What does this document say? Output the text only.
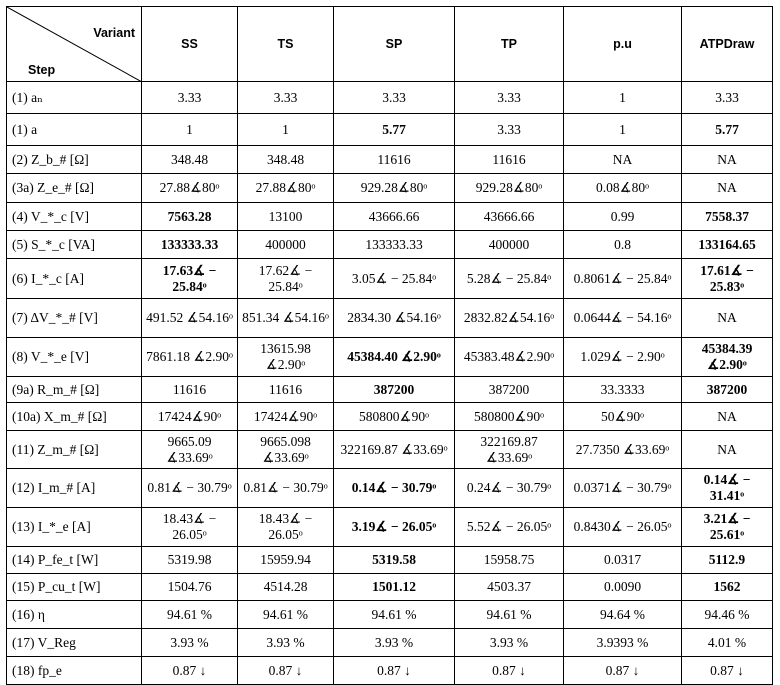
Variant
Step	SS	TS	SP	TP	p.u	ATPDraw
(1) aₙ	3.33	3.33	3.33	3.33	1	3.33
(1) a	1	1	5.77	3.33	1	5.77
(2) Z_b_# [Ω]	348.48	348.48	11616	11616	NA	NA
(3a) Z_e_# [Ω]	27.88∡80ᵒ	27.88∡80ᵒ	929.28∡80ᵒ	929.28∡80ᵒ	0.08∡80ᵒ	NA
(4) V_*_c [V]	7563.28	13100	43666.66	43666.66	0.99	7558.37
(5) S_*_c [VA]	133333.33	400000	133333.33	400000	0.8	133164.65
(6) I_*_c [A]	17.63∡ − 25.84ᵒ	17.62∡ − 25.84ᵒ	3.05∡ − 25.84ᵒ	5.28∡ − 25.84ᵒ	0.8061∡ − 25.84ᵒ	17.61∡ − 25.83ᵒ
(7) ΔV_*_# [V]	491.52 ∡54.16ᵒ	851.34 ∡54.16ᵒ	2834.30 ∡54.16ᵒ	2832.82∡54.16ᵒ	0.0644∡ − 54.16ᵒ	NA
(8) V_*_e [V]	7861.18 ∡2.90ᵒ	13615.98 ∡2.90ᵒ	45384.40 ∡2.90ᵒ	45383.48∡2.90ᵒ	1.029∡ − 2.90ᵒ	45384.39 ∡2.90ᵒ
(9a) R_m_# [Ω]	11616	11616	387200	387200	33.3333	387200
(10a) X_m_# [Ω]	17424∡90ᵒ	17424∡90ᵒ	580800∡90ᵒ	580800∡90ᵒ	50∡90ᵒ	NA
(11) Z_m_# [Ω]	9665.09 ∡33.69ᵒ	9665.098 ∡33.69ᵒ	322169.87 ∡33.69ᵒ	322169.87 ∡33.69ᵒ	27.7350 ∡33.69ᵒ	NA
(12) I_m_# [A]	0.81∡ − 30.79ᵒ	0.81∡ − 30.79ᵒ	0.14∡ − 30.79ᵒ	0.24∡ − 30.79ᵒ	0.0371∡ − 30.79ᵒ	0.14∡ − 31.41ᵒ
(13) I_*_e [A]	18.43∡ − 26.05ᵒ	18.43∡ − 26.05ᵒ	3.19∡ − 26.05ᵒ	5.52∡ − 26.05ᵒ	0.8430∡ − 26.05ᵒ	3.21∡ − 25.61ᵒ
(14) P_fe_t [W]	5319.98	15959.94	5319.58	15958.75	0.0317	5112.9
(15) P_cu_t [W]	1504.76	4514.28	1501.12	4503.37	0.0090	1562
(16) η	94.61 %	94.61 %	94.61 %	94.61 %	94.64 %	94.46 %
(17) V_Reg	3.93 %	3.93 %	3.93 %	3.93 %	3.9393 %	4.01 %
(18) fp_e	0.87 ↓	0.87 ↓	0.87 ↓	0.87 ↓	0.87 ↓	0.87 ↓
